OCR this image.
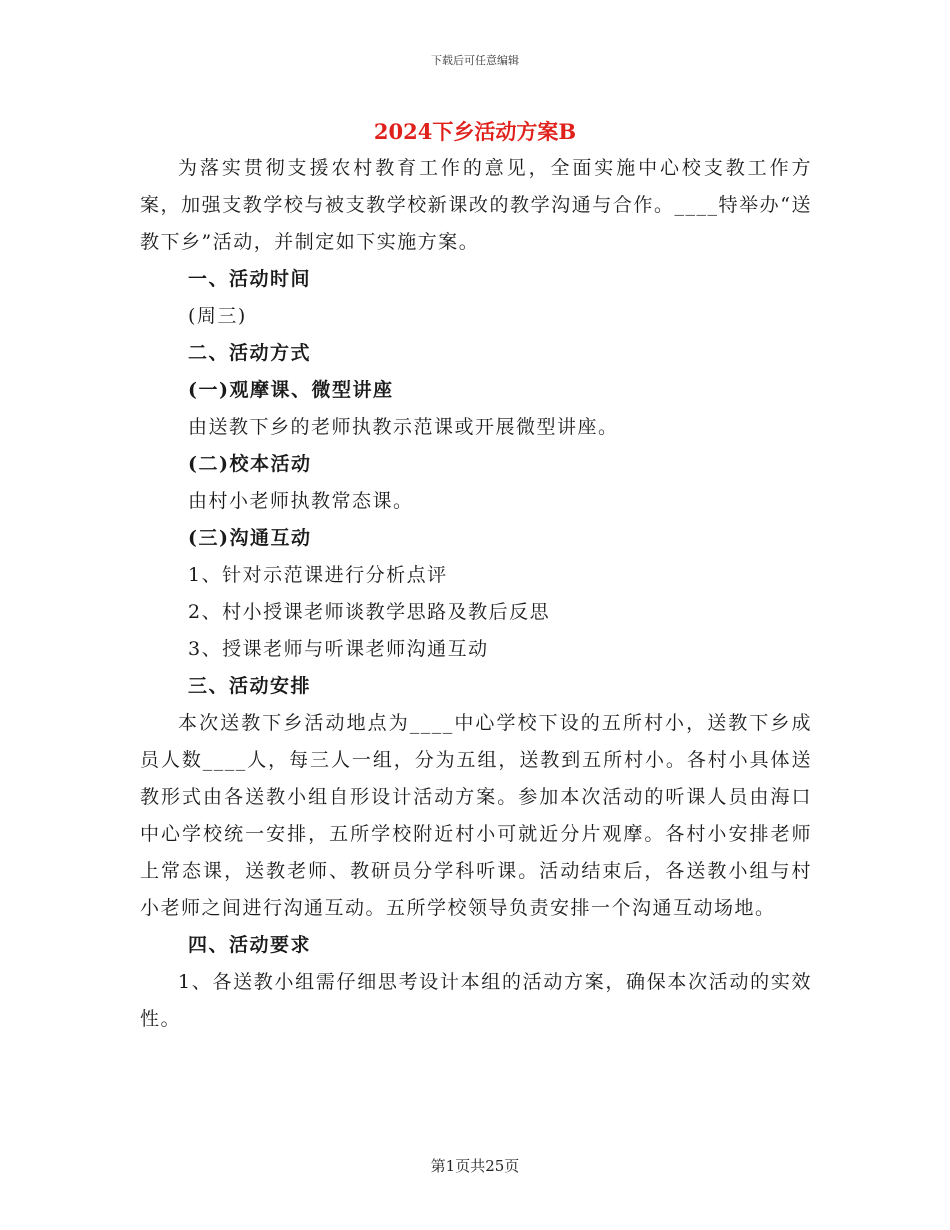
下载后可任意编辑
2024下乡活动方案B

为落实贯彻支援农村教育工作的意见，全面实施中心校支教工作方案，加强支教学校与被支教学校新课改的教学沟通与合作。____特举办“送教下乡”活动，并制定如下实施方案。

一、活动时间

(周三)

二、活动方式

(一)观摩课、微型讲座

由送教下乡的老师执教示范课或开展微型讲座。

(二)校本活动

由村小老师执教常态课。

(三)沟通互动

1、针对示范课进行分析点评

2、村小授课老师谈教学思路及教后反思

3、授课老师与听课老师沟通互动

三、活动安排

本次送教下乡活动地点为____中心学校下设的五所村小，送教下乡成员人数____人，每三人一组，分为五组，送教到五所村小。各村小具体送教形式由各送教小组自形设计活动方案。参加本次活动的听课人员由海口中心学校统一安排，五所学校附近村小可就近分片观摩。各村小安排老师上常态课，送教老师、教研员分学科听课。活动结束后，各送教小组与村小老师之间进行沟通互动。五所学校领导负责安排一个沟通互动场地。

四、活动要求

1、各送教小组需仔细思考设计本组的活动方案，确保本次活动的实效性。

第1页共25页
